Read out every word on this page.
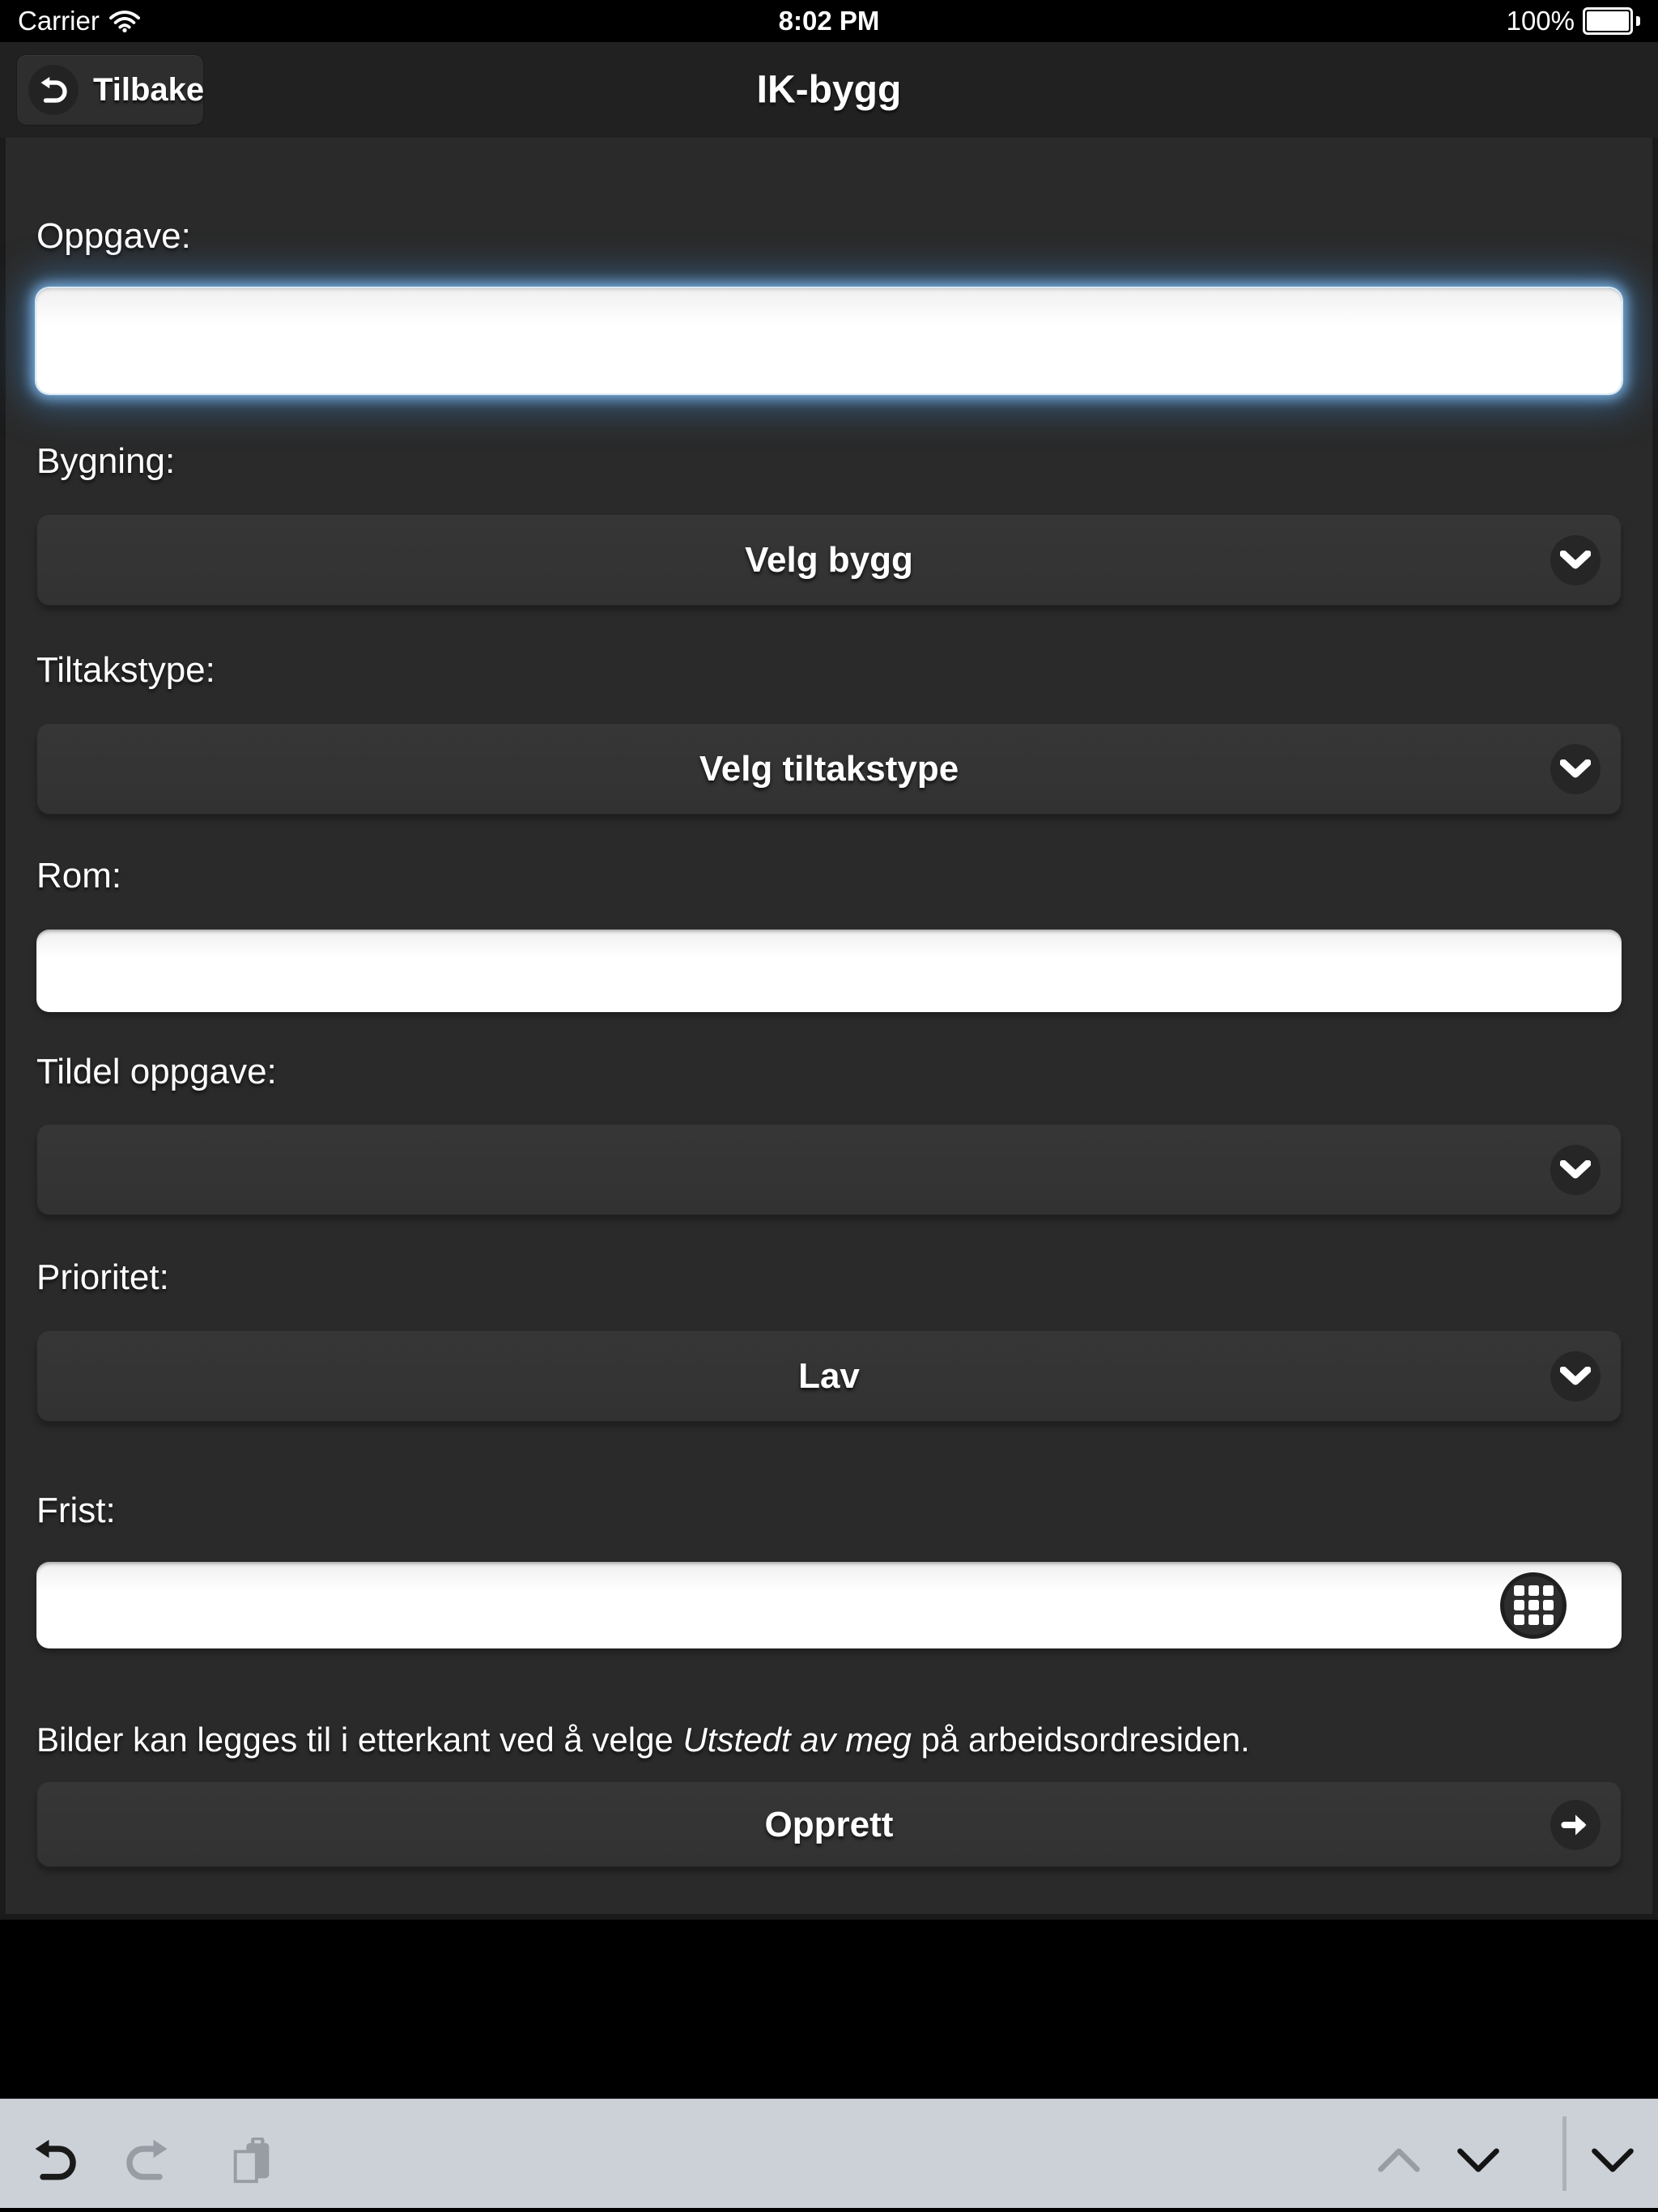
Carrier	8:02 PM	100%
IK-bygg
Tilbake
Oppgave:
Bygning:
Velg bygg
Tiltakstype:
Velg tiltakstype
Rom:
Tildel oppgave:
Prioritet:
Lav
Frist:
Bilder kan legges til i etterkant ved å velge Utstedt av meg på arbeidsordresiden.
Opprett
